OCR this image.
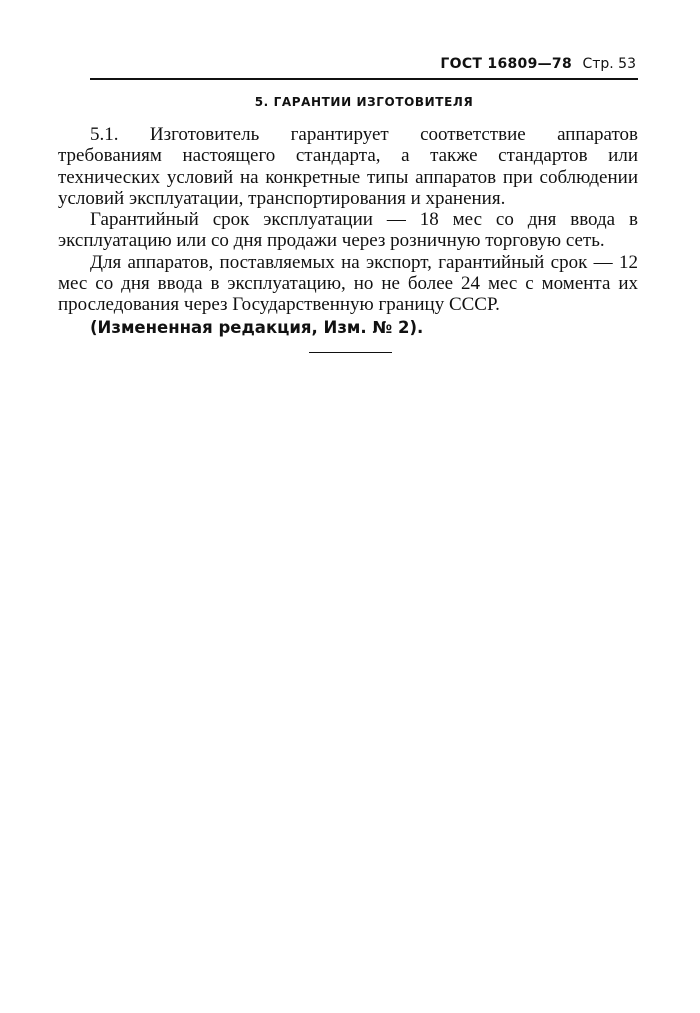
ГОСТ 16809—78 Стр. 53
5. ГАРАНТИИ ИЗГОТОВИТЕЛЯ

5.1. Изготовитель гарантирует соответствие аппаратов требованиям настоящего стандарта, а также стандартов или технических условий на конкретные типы аппаратов при соблюдении условий эксплуатации, транспортирования и хранения.

Гарантийный срок эксплуатации — 18 мес со дня ввода в эксплуатацию или со дня продажи через розничную торговую сеть.

Для аппаратов, поставляемых на экспорт, гарантийный срок — 12 мес со дня ввода в эксплуатацию, но не более 24 мес с момента их проследования через Государственную границу СССР.

(Измененная редакция, Изм. № 2).
